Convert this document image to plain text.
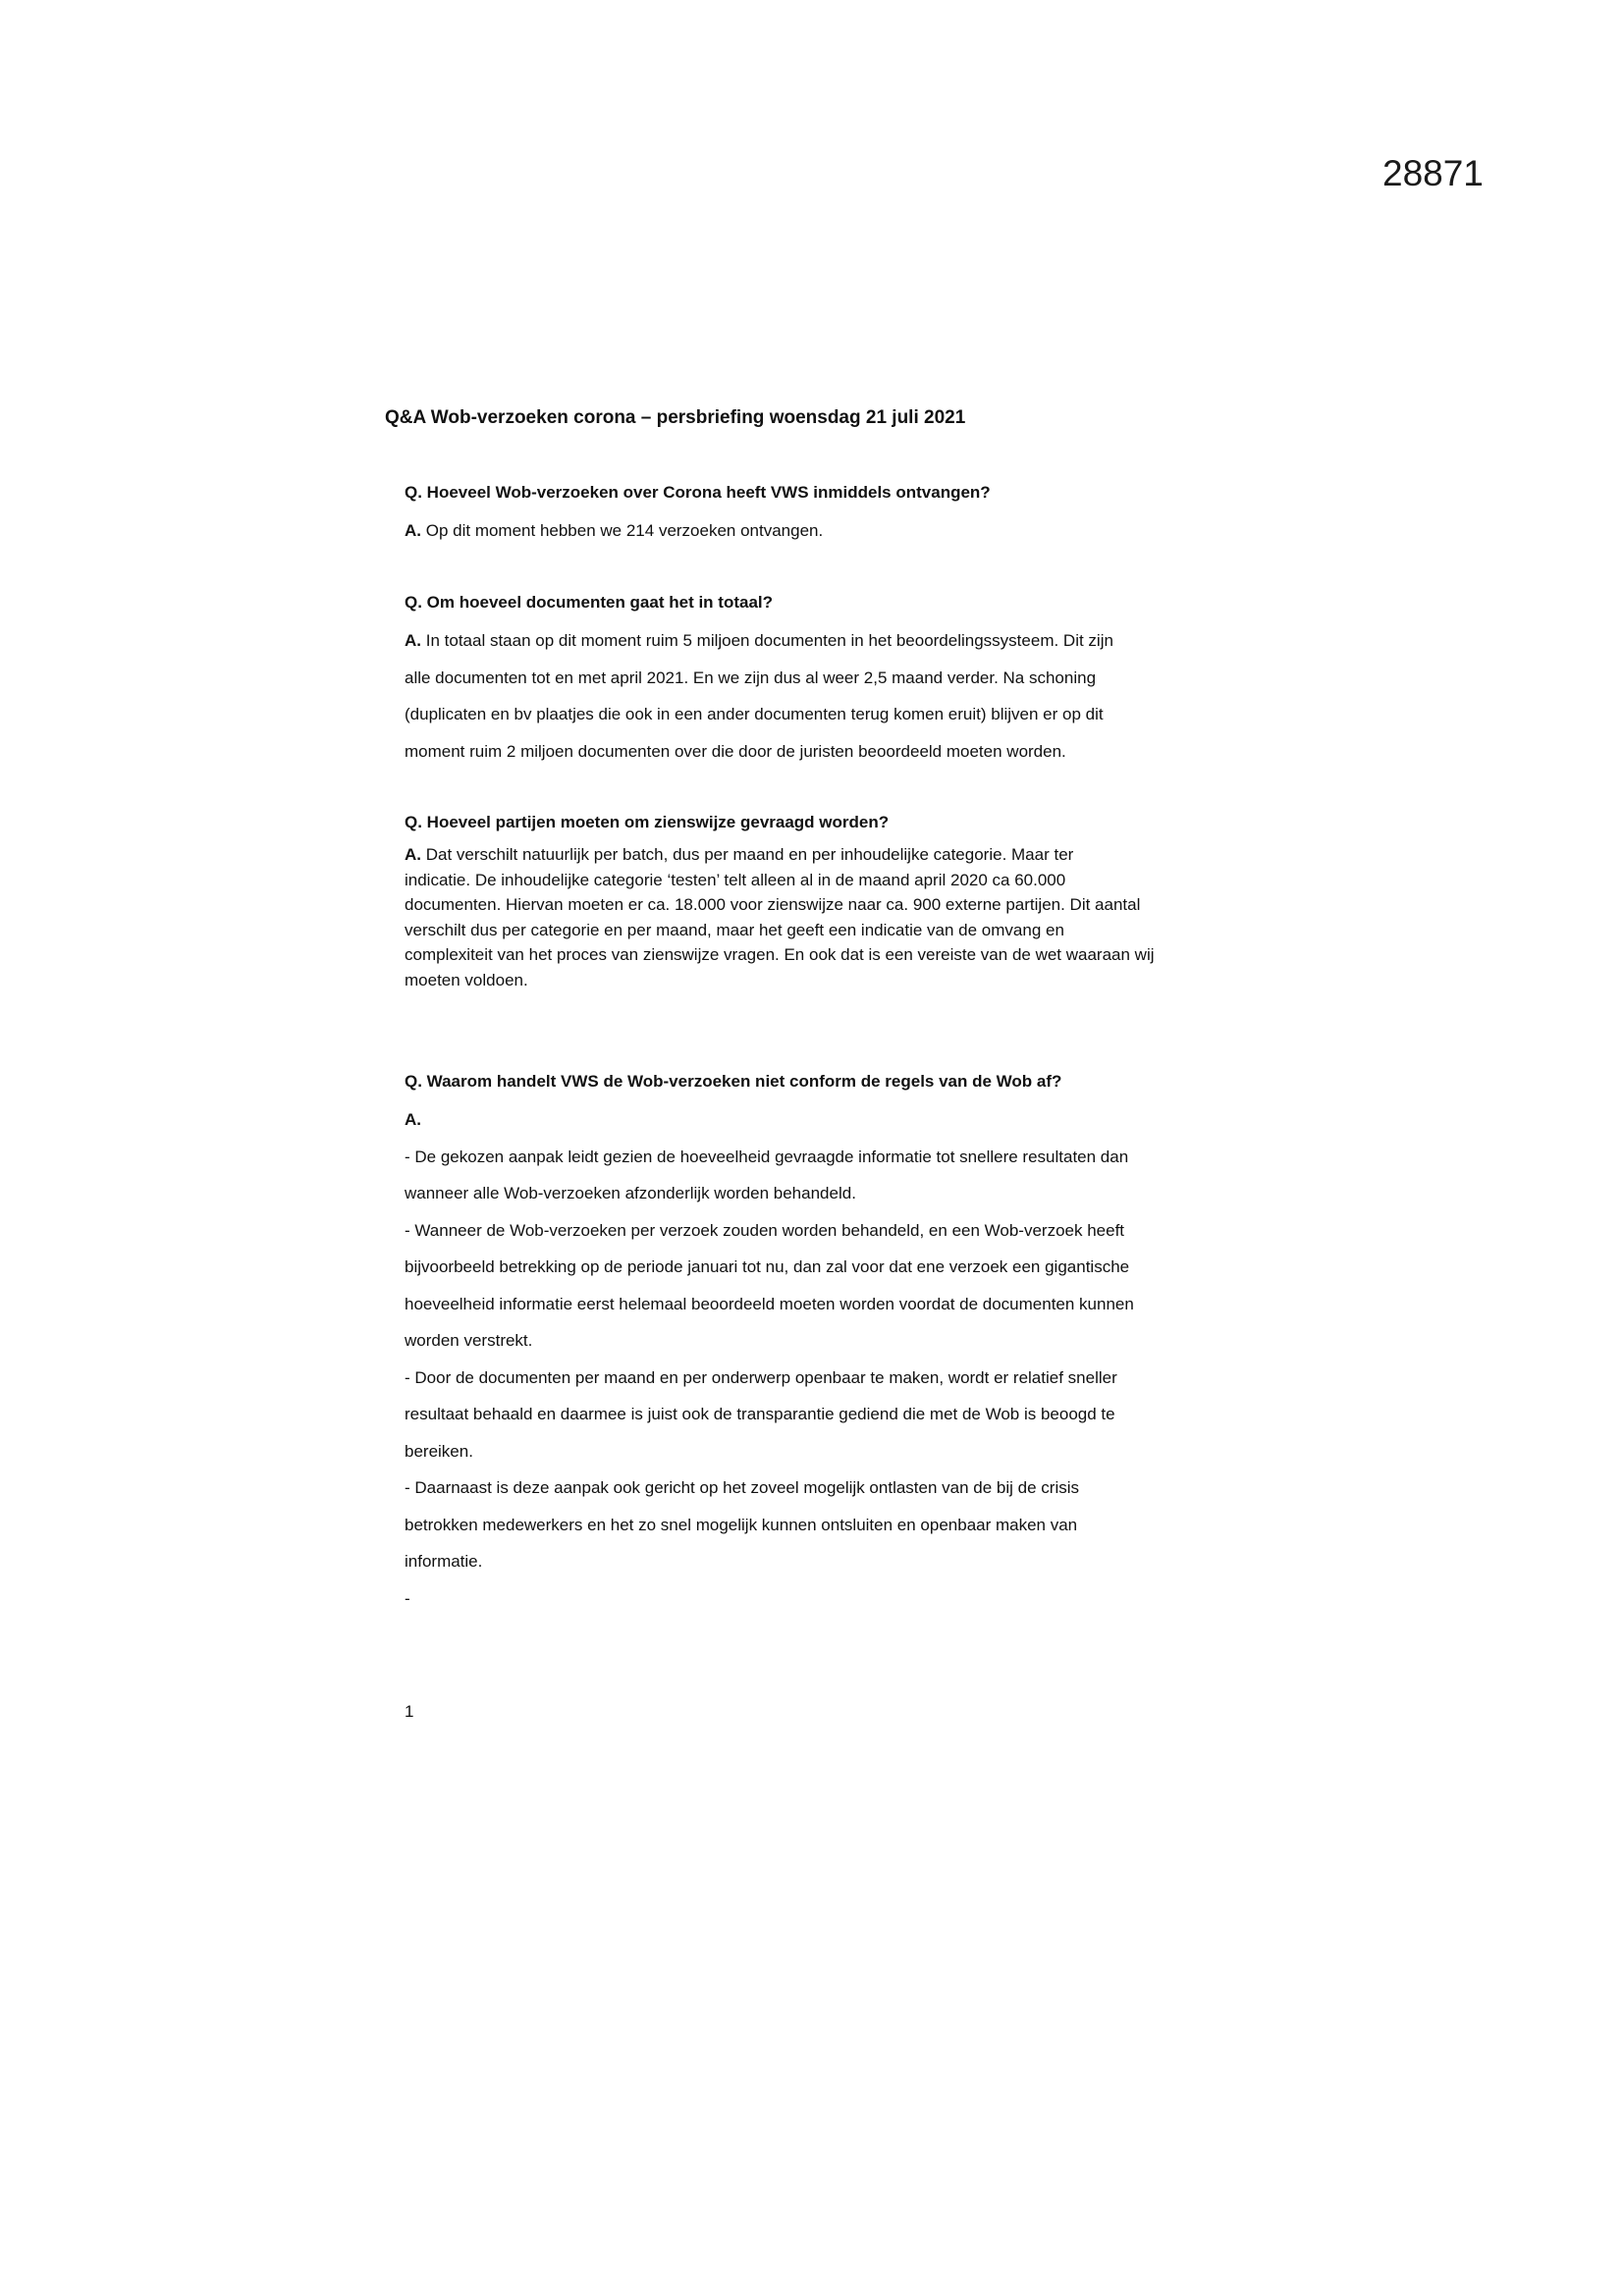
28871
Q&A Wob-verzoeken corona – persbriefing woensdag 21 juli 2021
Q. Hoeveel Wob-verzoeken over Corona heeft VWS inmiddels ontvangen?
A. Op dit moment hebben we 214 verzoeken ontvangen.
Q. Om hoeveel documenten gaat het in totaal?
A. In totaal staan op dit moment ruim 5 miljoen documenten in het beoordelingssysteem. Dit zijn
alle documenten tot en met april 2021. En we zijn dus al weer 2,5 maand verder. Na schoning
(duplicaten en bv plaatjes die ook in een ander documenten terug komen eruit) blijven er op dit
moment ruim 2 miljoen documenten over die door de juristen beoordeeld moeten worden.
Q. Hoeveel partijen moeten om zienswijze gevraagd worden?
A. Dat verschilt natuurlijk per batch, dus per maand en per inhoudelijke categorie. Maar ter
indicatie. De inhoudelijke categorie ‘testen’ telt alleen al in de maand april 2020 ca 60.000
documenten. Hiervan moeten er ca. 18.000 voor zienswijze naar ca. 900 externe partijen. Dit aantal
verschilt dus per categorie en per maand, maar het geeft een indicatie van de omvang en
complexiteit van het proces van zienswijze vragen. En ook dat is een vereiste van de wet waaraan wij
moeten voldoen.
Q. Waarom handelt VWS de Wob-verzoeken niet conform de regels van de Wob af?
A.
- De gekozen aanpak leidt gezien de hoeveelheid gevraagde informatie tot snellere resultaten dan
wanneer alle Wob-verzoeken afzonderlijk worden behandeld.
- Wanneer de Wob-verzoeken per verzoek zouden worden behandeld, en een Wob-verzoek heeft
bijvoorbeeld betrekking op de periode januari tot nu, dan zal voor dat ene verzoek een gigantische
hoeveelheid informatie eerst helemaal beoordeeld moeten worden voordat de documenten kunnen
worden verstrekt.
- Door de documenten per maand en per onderwerp openbaar te maken, wordt er relatief sneller
resultaat behaald en daarmee is juist ook de transparantie gediend die met de Wob is beoogd te
bereiken.
- Daarnaast is deze aanpak ook gericht op het zoveel mogelijk ontlasten van de bij de crisis
betrokken medewerkers en het zo snel mogelijk kunnen ontsluiten en openbaar maken van
informatie.
-
1
